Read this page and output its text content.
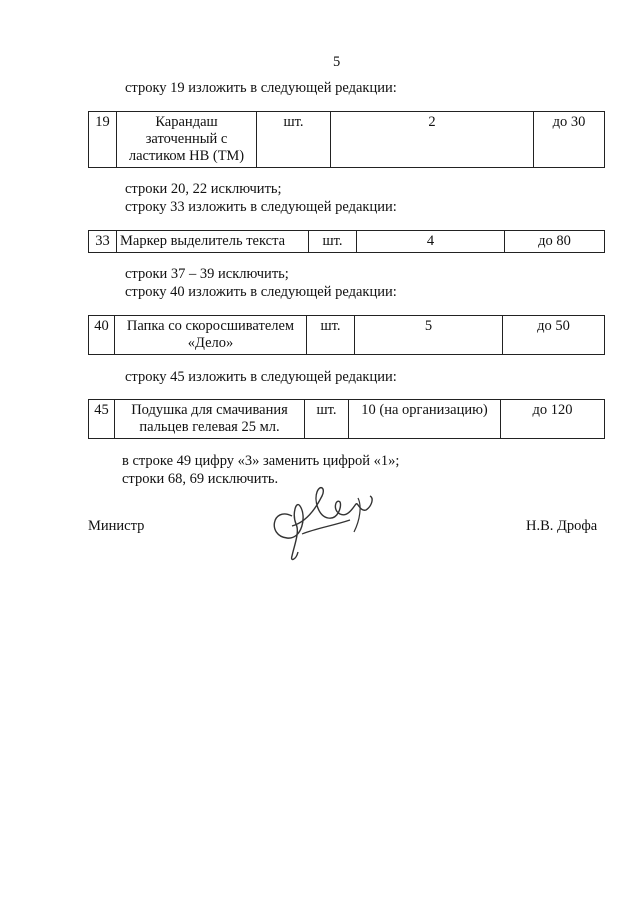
5
строку 19 изложить в следующей редакции:
19	Карандаш заточенный с ластиком НВ (ТМ)	шт.	2	до 30
строки 20, 22 исключить;
строку 33 изложить в следующей редакции:
33	Маркер выделитель текста	шт.	4	до 80
строки 37 – 39 исключить;
строку 40 изложить в следующей редакции:
40	Папка со скоросшивателем «Дело»	шт.	5	до 50
строку 45 изложить в следующей редакции:
45	Подушка для смачивания пальцев гелевая 25 мл.	шт.	10 (на организацию)	до 120
в строке 49 цифру «3» заменить цифрой «1»;
строки 68, 69 исключить.
Министр	Н.В. Дрофа
